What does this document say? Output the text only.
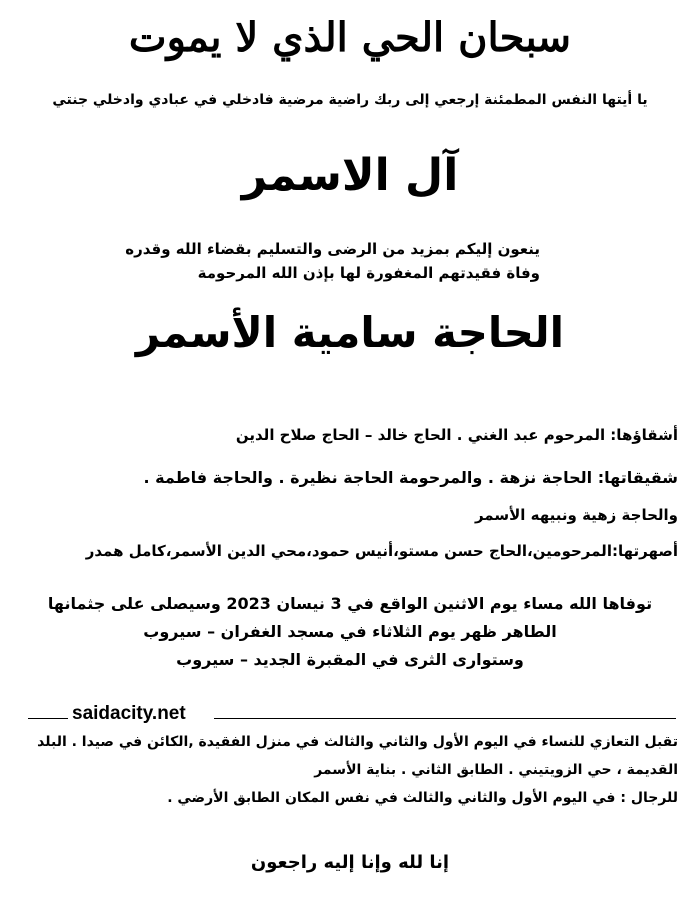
سبحان الحي الذي لا يموت
يا أيتها النفس المطمئنة إرجعي إلى ربك راضية مرضية فادخلي في عبادي وادخلي جنتي
آل الاسمر
ينعون إليكم بمزيد من الرضى والتسليم بقضاء الله وقدره
وفاة فقيدتهم المغفورة لها بإذن الله المرحومة
الحاجة سامية الأسمر
أشقاؤها: المرحوم عبد الغني . الحاج خالد – الحاج صلاح الدين
شقيقاتها: الحاجة نزهة . والمرحومة الحاجة نظيرة . والحاجة فاطمة .
والحاجة زهية ونبيهه الأسمر
أصهرتها:المرحومين،الحاج حسن مستو،أنيس حمود،محي الدين الأسمر،كامل همدر
توفاها الله مساء يوم الاثنين الواقع في 3 نيسان 2023 وسيصلى على جثمانها
الطاهر ظهر يوم الثلاثاء في مسجد الغفران – سيروب
وستوارى الثرى في المقبرة الجديد – سيروب
saidacity.net
تقبل التعازي للنساء في اليوم الأول والثاني والثالث في منزل الفقيدة ,الكائن في صيدا . البلد
القديمة ، حي الزويتيني . الطابق الثاني . بناية الأسمر
للرجال : في اليوم الأول والثاني والثالث في نفس المكان الطابق الأرضي .
إنا لله وإنا إليه راجعون
